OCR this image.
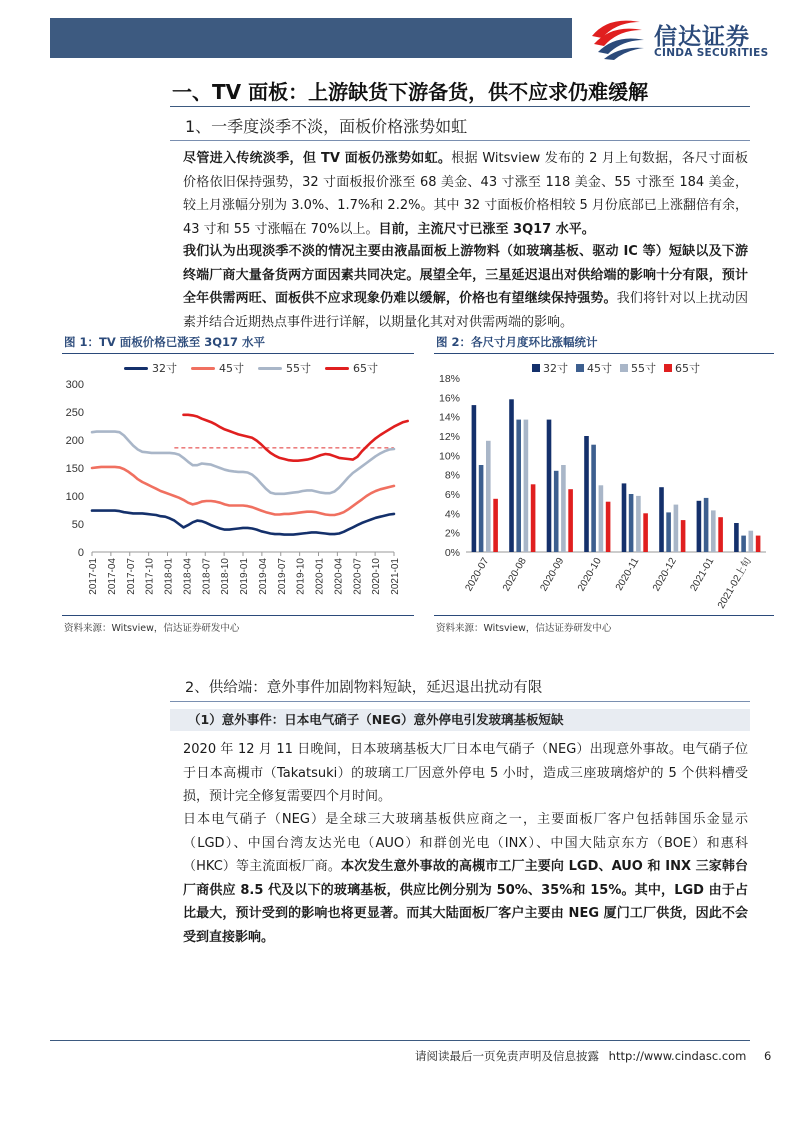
信达证券
CINDA SECURITIES
一、TV 面板：上游缺货下游备货，供不应求仍难缓解
1、一季度淡季不淡，面板价格涨势如虹
尽管进入传统淡季，但 TV 面板仍涨势如虹。根据 Witsview 发布的 2 月上旬数据，各尺寸面板价格依旧保持强势，32 寸面板报价涨至 68 美金、43 寸涨至 118 美金、55 寸涨至 184 美金，较上月涨幅分别为 3.0%、1.7%和 2.2%。其中 32 寸面板价格相较 5 月份底部已上涨翻倍有余，43 寸和 55 寸涨幅在 70%以上。目前，主流尺寸已涨至 3Q17 水平。
我们认为出现淡季不淡的情况主要由液晶面板上游物料（如玻璃基板、驱动 IC 等）短缺以及下游终端厂商大量备货两方面因素共同决定。展望全年，三星延迟退出对供给端的影响十分有限，预计全年供需两旺、面板供不应求现象仍难以缓解，价格也有望继续保持强势。我们将针对以上扰动因素并结合近期热点事件进行详解，以期量化其对对供需两端的影响。
图 1：TV 面板价格已涨至 3Q17 水平
32寸	45寸	55寸	65寸
0
50
100
150
200
250
300
2017-01 2017-04 2017-07 2017-10 2018-01 2018-04 2018-07 2018-10 2019-01 2019-04 2019-07 2019-10 2020-01 2020-04 2020-07 2020-10 2021-01
资料来源：Witsview，信达证券研发中心
图 2：各尺寸月度环比涨幅统计
32寸 45寸 55寸 65寸
0%
2%
4%
6%
8%
10%
12%
14%
16%
18%
2020-07 2020-08 2020-09 2020-10 2020-11 2020-12 2021-01 2021-02上旬
资料来源：Witsview，信达证券研发中心
2、供给端：意外事件加剧物料短缺，延迟退出扰动有限
（1）意外事件：日本电气硝子（NEG）意外停电引发玻璃基板短缺
2020 年 12 月 11 日晚间，日本玻璃基板大厂日本电气硝子（NEG）出现意外事故。电气硝子位于日本高槻市（Takatsuki）的玻璃工厂因意外停电 5 小时，造成三座玻璃熔炉的 5 个供料槽受损，预计完全修复需要四个月时间。
日本电气硝子（NEG）是全球三大玻璃基板供应商之一，主要面板厂客户包括韩国乐金显示（LGD）、中国台湾友达光电（AUO）和群创光电（INX）、中国大陆京东方（BOE）和惠科（HKC）等主流面板厂商。本次发生意外事故的高槻市工厂主要向 LGD、AUO 和 INX 三家韩台厂商供应 8.5 代及以下的玻璃基板，供应比例分别为 50%、35%和 15%。其中，LGD 由于占比最大，预计受到的影响也将更显著。而其大陆面板厂客户主要由 NEG 厦门工厂供货，因此不会受到直接影响。
请阅读最后一页免责声明及信息披露 http://www.cindasc.com 6
